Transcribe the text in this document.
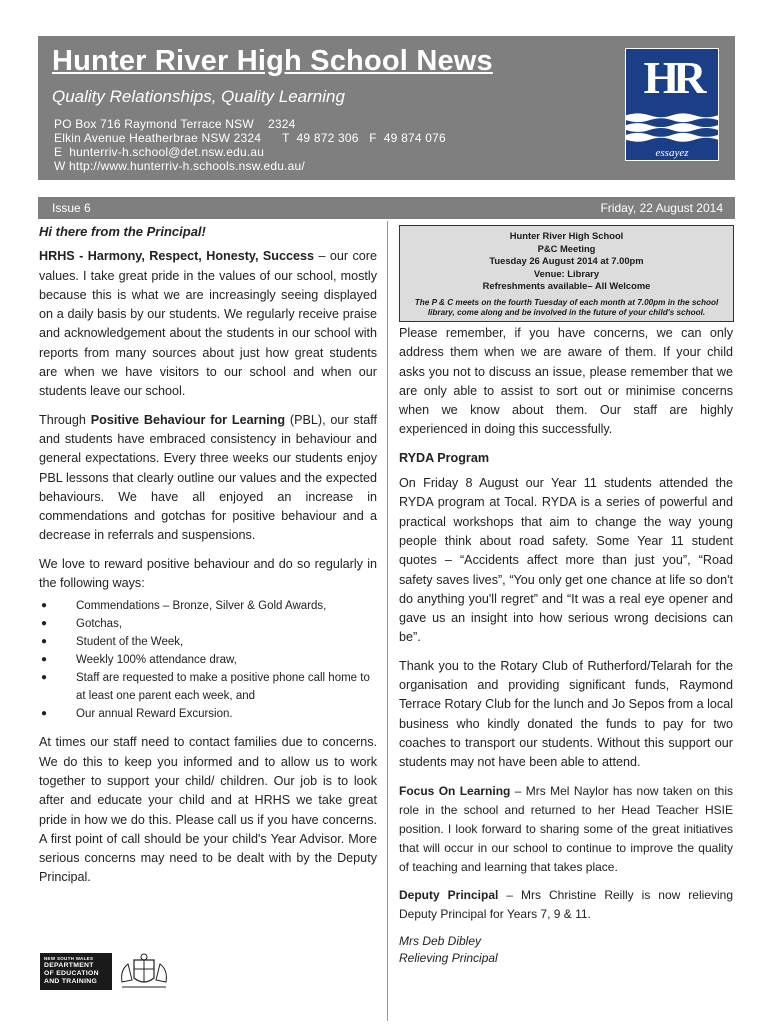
Hunter River High School News
Quality Relationships, Quality Learning
PO Box 716 Raymond Terrace NSW    2324
Elkin Avenue Heatherbrae NSW 2324      T  49 872 306   F  49 874 076
E  hunterriv-h.school@det.nsw.edu.au
W http://www.hunterriv-h.schools.nsw.edu.au/
HR
essayez
Issue 6	Friday, 22 August 2014
Hi there from the Principal!

HRHS - Harmony, Respect, Honesty, Success – our core values. I take great pride in the values of our school, mostly because this is what we are increasingly seeing displayed on a daily basis by our students. We regularly receive praise and acknowledgement about the students in our school with reports from many sources about just how great students are when we have visitors to our school and when our students leave our school.

Through Positive Behaviour for Learning (PBL), our staff and students have embraced consistency in behaviour and general expectations. Every three weeks our students enjoy PBL lessons that clearly outline our values and the expected behaviours. We have all enjoyed an increase in commendations and gotchas for positive behaviour and a decrease in referrals and suspensions.

We love to reward positive behaviour and do so regularly in the following ways:

●	Commendations – Bronze, Silver & Gold Awards,
●	Gotchas,
●	Student of the Week,
●	Weekly 100% attendance draw,
●	Staff are requested to make a positive phone call home to at least one parent each week, and
●	Our annual Reward Excursion.

At times our staff need to contact families due to concerns. We do this to keep you informed and to allow us to work together to support your child/ children. Our job is to look after and educate your child and at HRHS we take great pride in how we do this. Please call us if you have concerns. A first point of call should be your child's Year Advisor. More serious concerns may need to be dealt with by the Deputy Principal.

Hunter River High School
P&C Meeting
Tuesday 26 August 2014 at 7.00pm
Venue: Library
Refreshments available– All Welcome
The P & C meets on the fourth Tuesday of each month at 7.00pm in the school library, come along and be involved in the future of your child's school.

Please remember, if you have concerns, we can only address them when we are aware of them. If your child asks you not to discuss an issue, please remember that we are only able to assist to sort out or minimise concerns when we know about them. Our staff are highly experienced in doing this successfully.

RYDA Program

On Friday 8 August our Year 11 students attended the RYDA program at Tocal. RYDA is a series of powerful and practical workshops that aim to change the way young people think about road safety. Some Year 11 student quotes – “Accidents affect more than just you”, “Road safety saves lives”, “You only get one chance at life so don't do anything you'll regret” and “It was a real eye opener and gave us an insight into how serious wrong decisions can be”.

Thank you to the Rotary Club of Rutherford/Telarah for the organisation and providing significant funds, Raymond Terrace Rotary Club for the lunch and Jo Sepos from a local business who kindly donated the funds to pay for two coaches to transport our students. Without this support our students may not have been able to attend.

Focus On Learning – Mrs Mel Naylor has now taken on this role in the school and returned to her Head Teacher HSIE position. I look forward to sharing some of the great initiatives that will occur in our school to continue to improve the quality of teaching and learning that takes place.

Deputy Principal – Mrs Christine Reilly is now relieving Deputy Principal for Years 7, 9 & 11.

Mrs Deb Dibley
Relieving Principal
NEW SOUTH WALES
DEPARTMENT
OF EDUCATION
AND TRAINING
